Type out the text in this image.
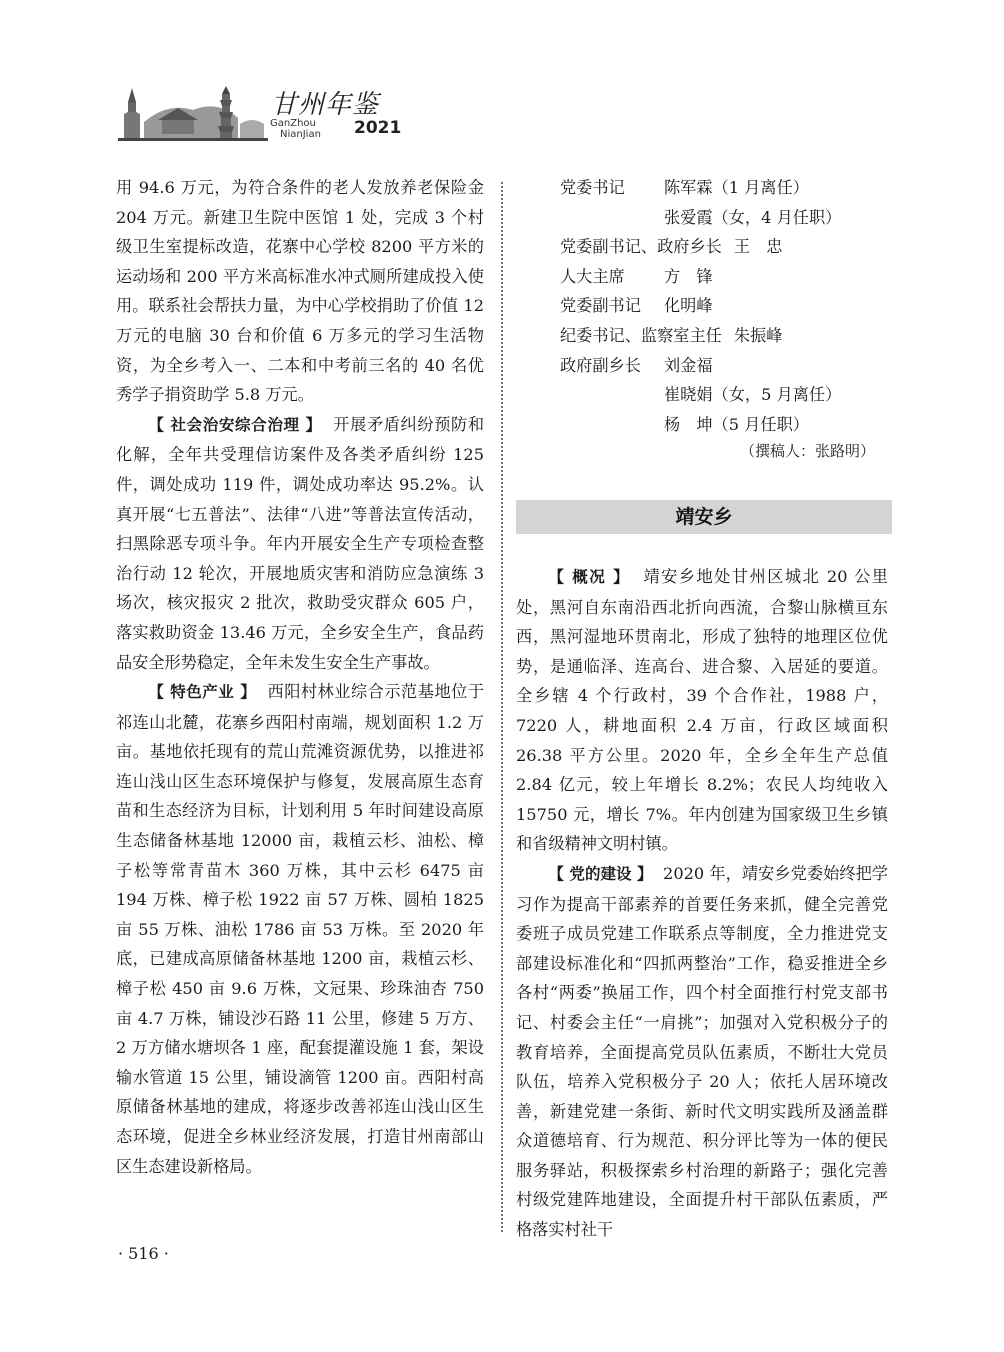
甘州年鉴
GanZhou
NianJian 2021

用 94.6 万元，为符合条件的老人发放养老保险金 204 万元。新建卫生院中医馆 1 处，完成 3 个村级卫生室提标改造，花寨中心学校 8200 平方米的运动场和 200 平方米高标准水冲式厕所建成投入使用。联系社会帮扶力量，为中心学校捐助了价值 12 万元的电脑 30 台和价值 6 万多元的学习生活物资，为全乡考入一、二本和中考前三名的 40 名优秀学子捐资助学 5.8 万元。

【 社会治安综合治理 】 开展矛盾纠纷预防和化解，全年共受理信访案件及各类矛盾纠纷 125 件，调处成功 119 件，调处成功率达 95.2%。认真开展“七五普法”、法律“八进”等普法宣传活动，扫黑除恶专项斗争。年内开展安全生产专项检查整治行动 12 轮次，开展地质灾害和消防应急演练 3 场次，核灾报灾 2 批次，救助受灾群众 605 户，落实救助资金 13.46 万元，全乡安全生产，食品药品安全形势稳定，全年未发生安全生产事故。

【 特色产业 】 西阳村林业综合示范基地位于祁连山北麓，花寨乡西阳村南端，规划面积 1.2 万亩。基地依托现有的荒山荒滩资源优势，以推进祁连山浅山区生态环境保护与修复，发展高原生态育苗和生态经济为目标，计划利用 5 年时间建设高原生态储备林基地 12000 亩，栽植云杉、油松、樟子松等常青苗木 360 万株，其中云杉 6475 亩 194 万株、樟子松 1922 亩 57 万株、圆柏 1825 亩 55 万株、油松 1786 亩 53 万株。至 2020 年底，已建成高原储备林基地 1200 亩，栽植云杉、樟子松 450 亩 9.6 万株，文冠果、珍珠油杏 750 亩 4.7 万株，铺设沙石路 11 公里，修建 5 万方、2 万方储水塘坝各 1 座，配套提灌设施 1 套，架设输水管道 15 公里，铺设滴管 1200 亩。西阳村高原储备林基地的建成，将逐步改善祁连山浅山区生态环境，促进全乡林业经济发展，打造甘州南部山区生态建设新格局。

党委书记	陈军霖（1 月离任）
张爱霞（女，4 月任职）
党委副书记、政府乡长 王　忠
人大主席	方　锋
党委副书记	化明峰
纪委书记、监察室主任 朱振峰
政府副乡长	刘金福
崔晓娟（女，5 月离任）
杨　坤（5 月任职）
（撰稿人：张路明）
靖安乡

【 概况 】 靖安乡地处甘州区城北 20 公里处，黑河自东南沿西北折向西流，合黎山脉横亘东西，黑河湿地环贯南北，形成了独特的地理区位优势，是通临泽、连高台、进合黎、入居延的要道。全乡辖 4 个行政村，39 个合作社，1988 户，7220 人，耕地面积 2.4 万亩，行政区域面积 26.38 平方公里。2020 年，全乡全年生产总值 2.84 亿元，较上年增长 8.2%；农民人均纯收入 15750 元，增长 7%。年内创建为国家级卫生乡镇和省级精神文明村镇。

【 党的建设 】 2020 年，靖安乡党委始终把学习作为提高干部素养的首要任务来抓，健全完善党委班子成员党建工作联系点等制度，全力推进党支部建设标准化和“四抓两整治”工作，稳妥推进全乡各村“两委”换届工作，四个村全面推行村党支部书记、村委会主任“一肩挑”；加强对入党积极分子的教育培养，全面提高党员队伍素质，不断壮大党员队伍，培养入党积极分子 20 人；依托人居环境改善，新建党建一条街、新时代文明实践所及涵盖群众道德培育、行为规范、积分评比等为一体的便民服务驿站，积极探索乡村治理的新路子；强化完善村级党建阵地建设，全面提升村干部队伍素质，严格落实村社干

· 516 ·
